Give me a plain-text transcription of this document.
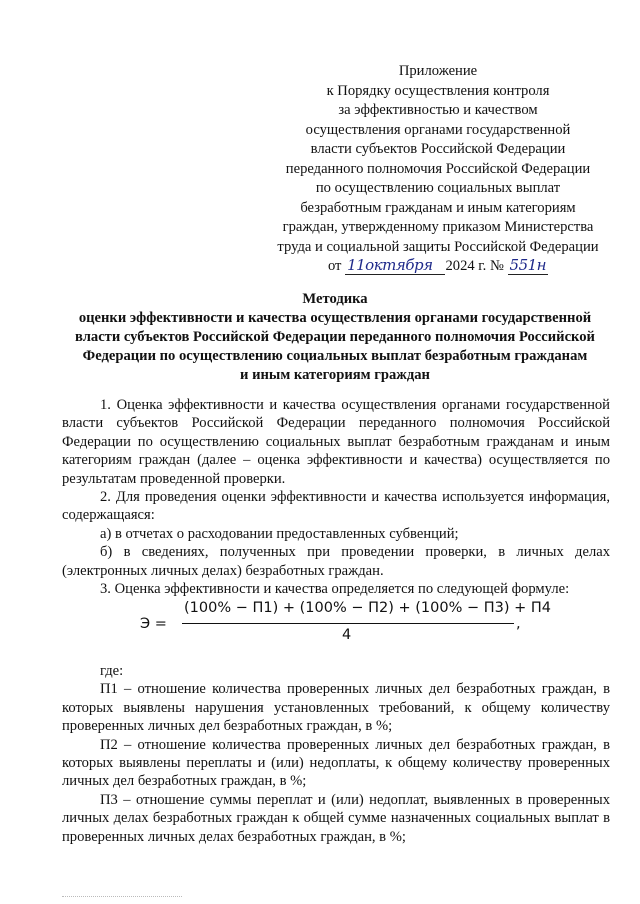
Приложение
к Порядку осуществления контроля
за эффективностью и качеством
осуществления органами государственной
власти субъектов Российской Федерации
переданного полномочия Российской Федерации
по осуществлению социальных выплат
безработным гражданам и иным категориям
граждан, утвержденному приказом Министерства
труда и социальной защиты Российской Федерации
от 11октября 2024 г. № 551н
Методика
оценки эффективности и качества осуществления органами государственной
власти субъектов Российской Федерации переданного полномочия Российской
Федерации по осуществлению социальных выплат безработным гражданам
и иным категориям граждан

1. Оценка эффективности и качества осуществления органами государственной власти субъектов Российской Федерации переданного полномочия Российской Федерации по осуществлению социальных выплат безработным гражданам и иным категориям граждан (далее – оценка эффективности и качества) осуществляется по результатам проведенной проверки.

2. Для проведения оценки эффективности и качества используется информация, содержащаяся:

а) в отчетах о расходовании предоставленных субвенций;

б) в сведениях, полученных при проведении проверки, в личных делах (электронных личных делах) безработных граждан.

3. Оценка эффективности и качества определяется по следующей формуле:

Э =
(100% − П1) + (100% − П2) + (100% − П3) + П4
4
,

где:

П1 – отношение количества проверенных личных дел безработных граждан, в которых выявлены нарушения установленных требований, к общему количеству проверенных личных дел безработных граждан, в %;

П2 – отношение количества проверенных личных дел безработных граждан, в которых выявлены переплаты и (или) недоплаты, к общему количеству проверенных личных дел безработных граждан, в %;

П3 – отношение суммы переплат и (или) недоплат, выявленных в проверенных личных делах безработных граждан к общей сумме назначенных социальных выплат в проверенных личных делах безработных граждан, в %;
